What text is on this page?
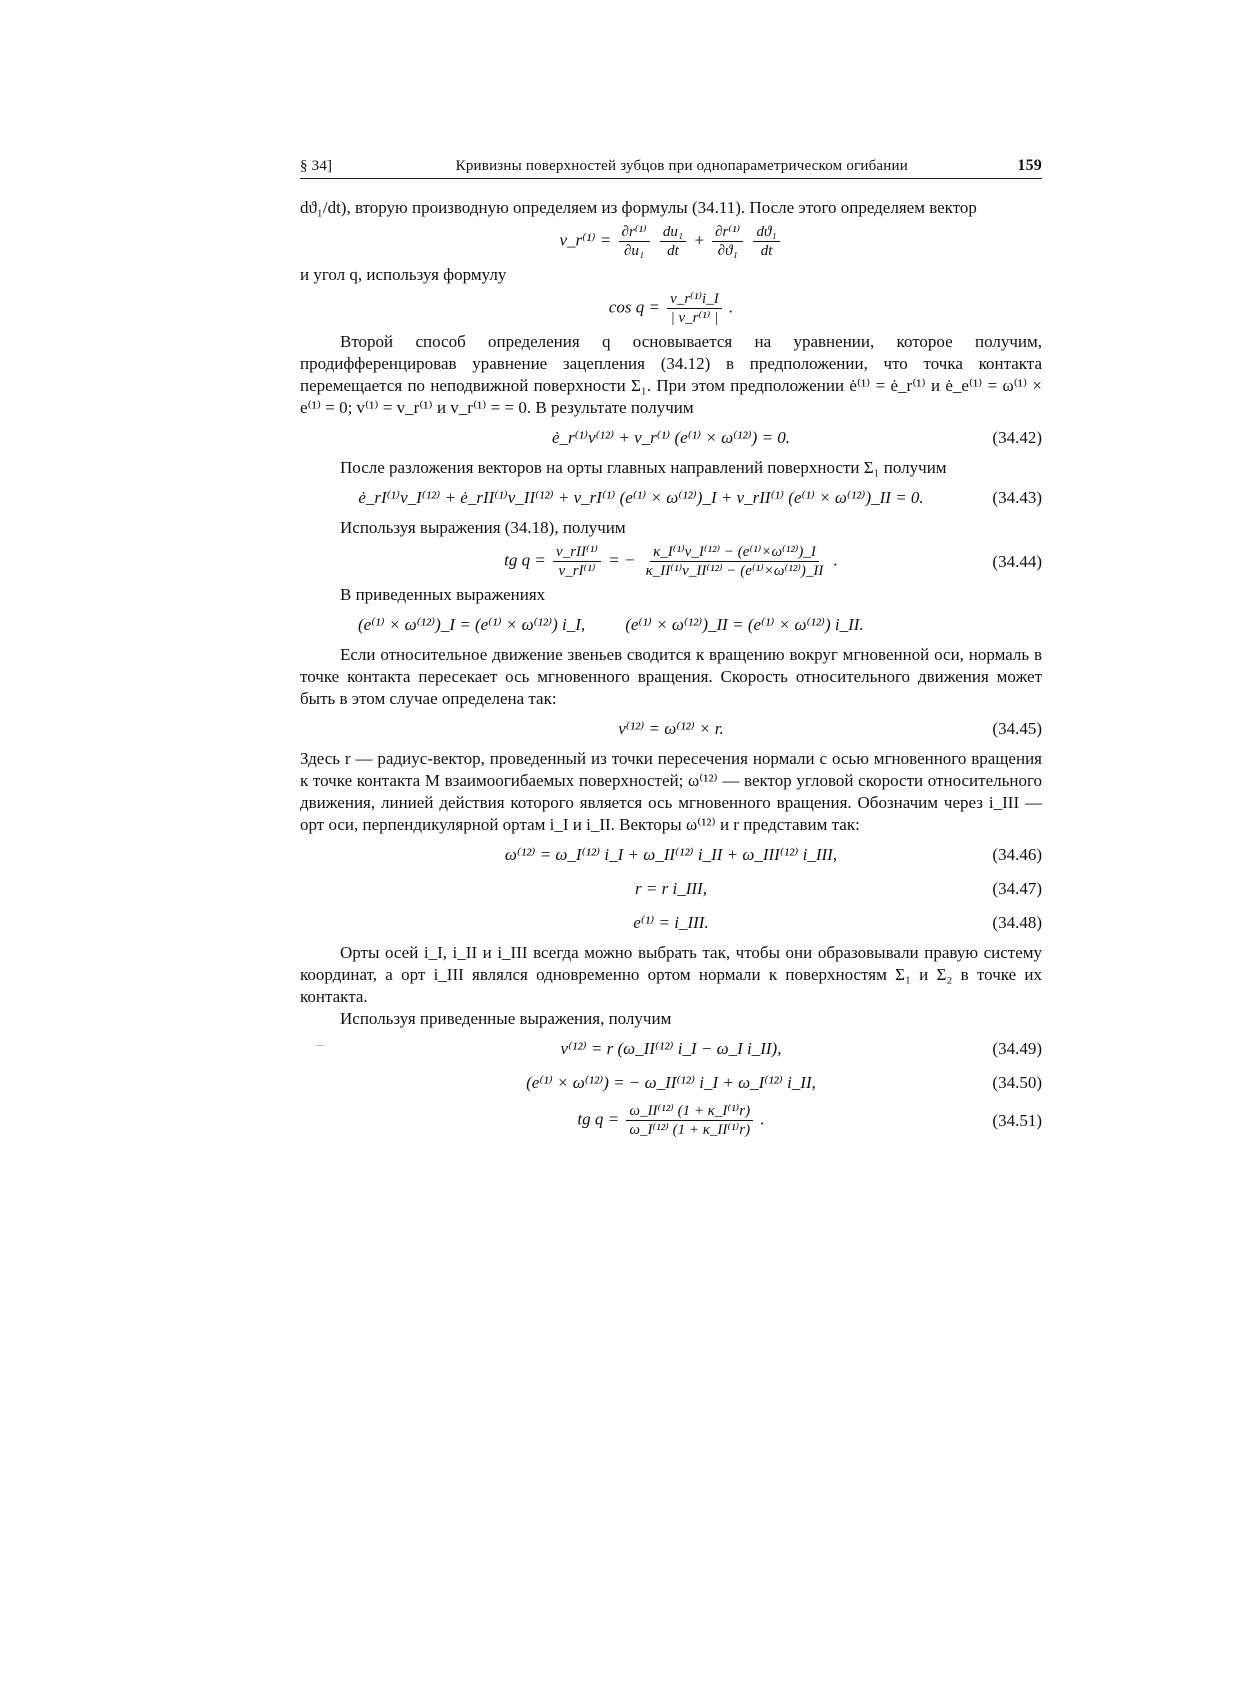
§ 34]	Кривизны поверхностей зубцов при однопараметрическом огибании	159

dϑ₁/dt), вторую производную определяем из формулы (34.11). После этого определяем вектор

v_r⁽¹⁾ = $\frac{\text{∂r⁽¹⁾}}{\text{∂u₁}}$
$\frac{\text{du₁}}{dt} + \frac{\text{∂r⁽¹⁾}}{\text{∂ϑ₁}}$
$\frac{\text{dϑ₁}}{dt}$

и угол q, используя формулу

$\cos q = \frac{\text{v\_r⁽¹⁾i\_I}}{\text{| v\_r⁽¹⁾ |}}$ .

Второй способ определения q основывается на уравнении, которое получим, продифференцировав уравнение зацепления (34.12) в предположении, что точка контакта перемещается по неподвижной поверхности Σ₁. При этом предположении ė⁽¹⁾ = ė_r⁽¹⁾ и ė_e⁽¹⁾ = ω⁽¹⁾ × e⁽¹⁾ = 0; v⁽¹⁾ = v_r⁽¹⁾ и v_r⁽¹⁾ = = 0. В результате получим

ė_r⁽¹⁾v⁽¹²⁾ + v_r⁽¹⁾ (e⁽¹⁾ × ω⁽¹²⁾) = 0.	(34.42)

После разложения векторов на орты главных направлений поверхности Σ₁ получим

ė_rI⁽¹⁾v_I⁽¹²⁾ + ė_rII⁽¹⁾v_II⁽¹²⁾ + v_rI⁽¹⁾ (e⁽¹⁾ × ω⁽¹²⁾)_I + v_rII⁽¹⁾ (e⁽¹⁾ × ω⁽¹²⁾)_II = 0.	(34.43)

Используя выражения (34.18), получим

tg $q = \frac{\text{v\_rII⁽¹⁾}}{\text{v\_rI⁽¹⁾}}$ = − $\frac{\text{κ\_I⁽¹⁾v\_I⁽¹²⁾ − (e⁽¹⁾×ω⁽¹²⁾)\_I}}{\text{κ\_II⁽¹⁾v\_II⁽¹²⁾ − (e⁽¹⁾×ω⁽¹²⁾)\_II}}$ .	(34.44)

В приведенных выражениях

(e⁽¹⁾ × ω⁽¹²⁾)_I = (e⁽¹⁾ × ω⁽¹²⁾) i_I, (e⁽¹⁾ × ω⁽¹²⁾)_II = (e⁽¹⁾ × ω⁽¹²⁾) i_II.

Если относительное движение звеньев сводится к вращению вокруг мгновенной оси, нормаль в точке контакта пересекает ось мгновенного вращения. Скорость относительного движения может быть в этом случае определена так:

v⁽¹²⁾ = ω⁽¹²⁾ × r.	(34.45)

Здесь r — радиус-вектор, проведенный из точки пересечения нормали с осью мгновенного вращения к точке контакта M взаимоогибаемых поверхностей; ω⁽¹²⁾ — вектор угловой скорости относительного движения, линией действия которого является ось мгновенного вращения. Обозначим через i_III — орт оси, перпендикулярной ортам i_I и i_II. Векторы ω⁽¹²⁾ и r представим так:

ω⁽¹²⁾ = ω_I⁽¹²⁾ i_I + ω_II⁽¹²⁾ i_II + ω_III⁽¹²⁾ i_III,	(34.46)
r = r i_III,	(34.47)
e⁽¹⁾ = i_III.	(34.48)

Орты осей i_I, i_II и i_III всегда можно выбрать так, чтобы они образовывали правую систему координат, а орт i_III являлся одновременно ортом нормали к поверхностям Σ₁ и Σ₂ в точке их контакта.

Используя приведенные выражения, получим

v⁽¹²⁾ = r (ω_II⁽¹²⁾ i_I − ω_I i_II),	(34.49)
(e⁽¹⁾ × ω⁽¹²⁾) = − ω_II⁽¹²⁾ i_I + ω_I⁽¹²⁾ i_II,	(34.50)
tg $q = \frac{\text{ω\_II⁽¹²⁾ (1 + κ\_I⁽¹⁾r)}}{\text{ω\_I⁽¹²⁾ (1 + κ\_II⁽¹⁾r)}}$ .	(34.51)
